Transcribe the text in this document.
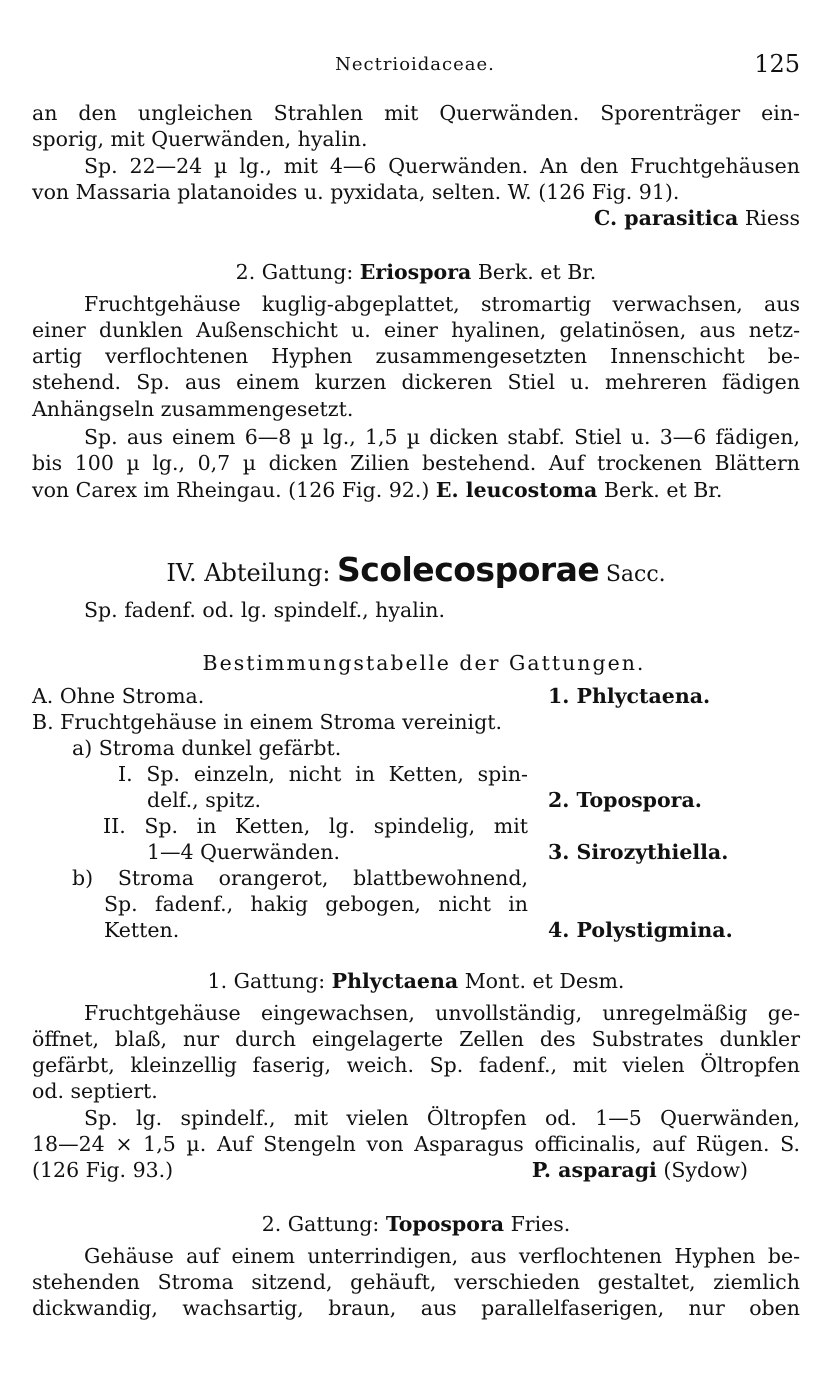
Nectrioidaceae.	125
an den ungleichen Strahlen mit Querwänden. Sporenträger ein-
sporig, mit Querwänden, hyalin.
Sp. 22—24 µ lg., mit 4—6 Querwänden. An den Fruchtgehäusen
von Massaria platanoides u. pyxidata, selten. W. (126 Fig. 91).
C. parasitica Riess
2. Gattung: Eriospora Berk. et Br.
Fruchtgehäuse kuglig-abgeplattet, stromartig verwachsen, aus
einer dunklen Außenschicht u. einer hyalinen, gelatinösen, aus netz-
artig verflochtenen Hyphen zusammengesetzten Innenschicht be-
stehend. Sp. aus einem kurzen dickeren Stiel u. mehreren fädigen
Anhängseln zusammengesetzt.
Sp. aus einem 6—8 µ lg., 1,5 µ dicken stabf. Stiel u. 3—6 fädigen,
bis 100 µ lg., 0,7 µ dicken Zilien bestehend. Auf trockenen Blättern
von Carex im Rheingau. (126 Fig. 92.) E. leucostoma Berk. et Br.
IV. Abteilung: Scolecosporae Sacc.
Sp. fadenf. od. lg. spindelf., hyalin.
Bestimmungstabelle der Gattungen.
A. Ohne Stroma.	1. Phlyctaena.
B. Fruchtgehäuse in einem Stroma vereinigt.
a) Stroma dunkel gefärbt.
I. Sp. einzeln, nicht in Ketten, spin-
delf., spitz.	2. Topospora.
II. Sp. in Ketten, lg. spindelig, mit
1—4 Querwänden.	3. Sirozythiella.
b) Stroma orangerot, blattbewohnend,
Sp. fadenf., hakig gebogen, nicht in
Ketten.	4. Polystigmina.
1. Gattung: Phlyctaena Mont. et Desm.
Fruchtgehäuse eingewachsen, unvollständig, unregelmäßig ge-
öffnet, blaß, nur durch eingelagerte Zellen des Substrates dunkler
gefärbt, kleinzellig faserig, weich. Sp. fadenf., mit vielen Öltropfen
od. septiert.
Sp. lg. spindelf., mit vielen Öltropfen od. 1—5 Querwänden,
18—24 × 1,5 µ. Auf Stengeln von Asparagus officinalis, auf Rügen. S.
(126 Fig. 93.)	P. asparagi (Sydow)
2. Gattung: Topospora Fries.
Gehäuse auf einem unterrindigen, aus verflochtenen Hyphen be-
stehenden Stroma sitzend, gehäuft, verschieden gestaltet, ziemlich
dickwandig, wachsartig, braun, aus parallelfaserigen, nur oben
